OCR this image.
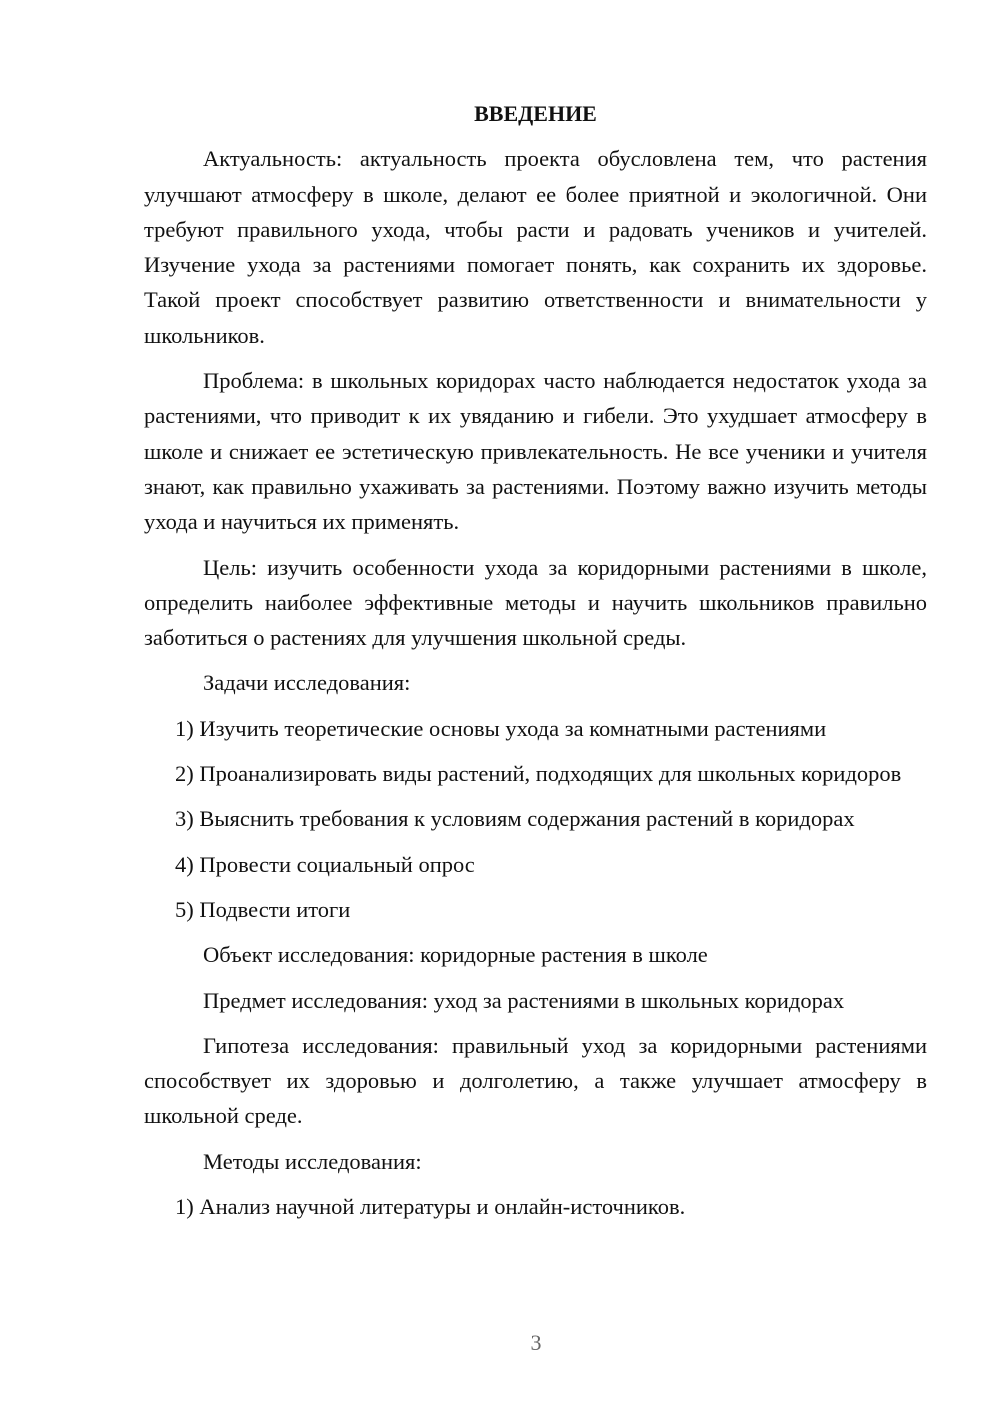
ВВЕДЕНИЕ

Актуальность: актуальность проекта обусловлена тем, что растения улучшают атмосферу в школе, делают ее более приятной и экологичной. Они требуют правильного ухода, чтобы расти и радовать учеников и учителей. Изучение ухода за растениями помогает понять, как сохранить их здоровье. Такой проект способствует развитию ответственности и внимательности у школьников.

Проблема: в школьных коридорах часто наблюдается недостаток ухода за растениями, что приводит к их увяданию и гибели. Это ухудшает атмосферу в школе и снижает ее эстетическую привлекательность. Не все ученики и учителя знают, как правильно ухаживать за растениями. Поэтому важно изучить методы ухода и научиться их применять.

Цель: изучить особенности ухода за коридорными растениями в школе, определить наиболее эффективные методы и научить школьников правильно заботиться о растениях для улучшения школьной среды.

Задачи исследования:

1) Изучить теоретические основы ухода за комнатными растениями

2) Проанализировать виды растений, подходящих для школьных коридоров

3) Выяснить требования к условиям содержания растений в коридорах

4) Провести социальный опрос

5) Подвести итоги

Объект исследования: коридорные растения в школе

Предмет исследования: уход за растениями в школьных коридорах

Гипотеза исследования: правильный уход за коридорными растениями способствует их здоровью и долголетию, а также улучшает атмосферу в школьной среде.

Методы исследования:

1) Анализ научной литературы и онлайн-источников.

3
